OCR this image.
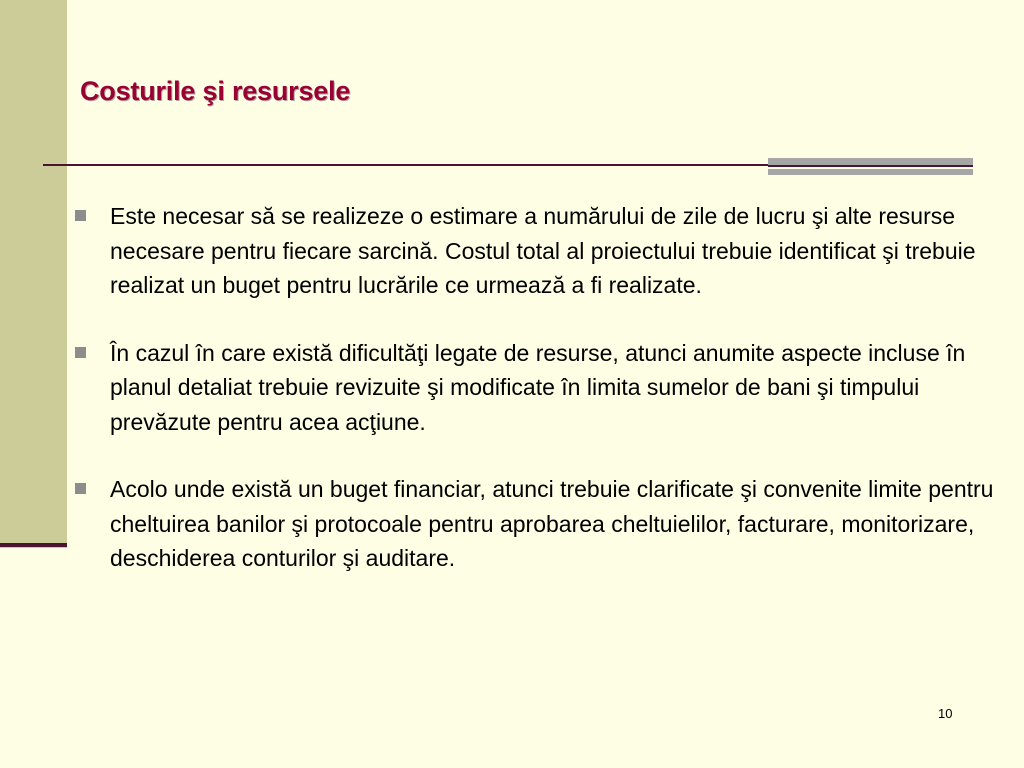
Costurile şi resursele
Este necesar să se realizeze o estimare a numărului de zile de lucru şi alte resurse necesare pentru fiecare sarcină. Costul total al proiectului trebuie identificat şi trebuie realizat un buget pentru lucrările ce urmează a fi realizate.
În cazul în care există dificultăţi legate de resurse, atunci anumite aspecte incluse în planul detaliat trebuie revizuite şi modificate în limita sumelor de bani şi timpului prevăzute pentru acea acţiune.
Acolo unde există un buget financiar, atunci trebuie clarificate şi convenite limite pentru cheltuirea banilor şi protocoale pentru aprobarea cheltuielilor, facturare, monitorizare, deschiderea conturilor şi auditare.
10
